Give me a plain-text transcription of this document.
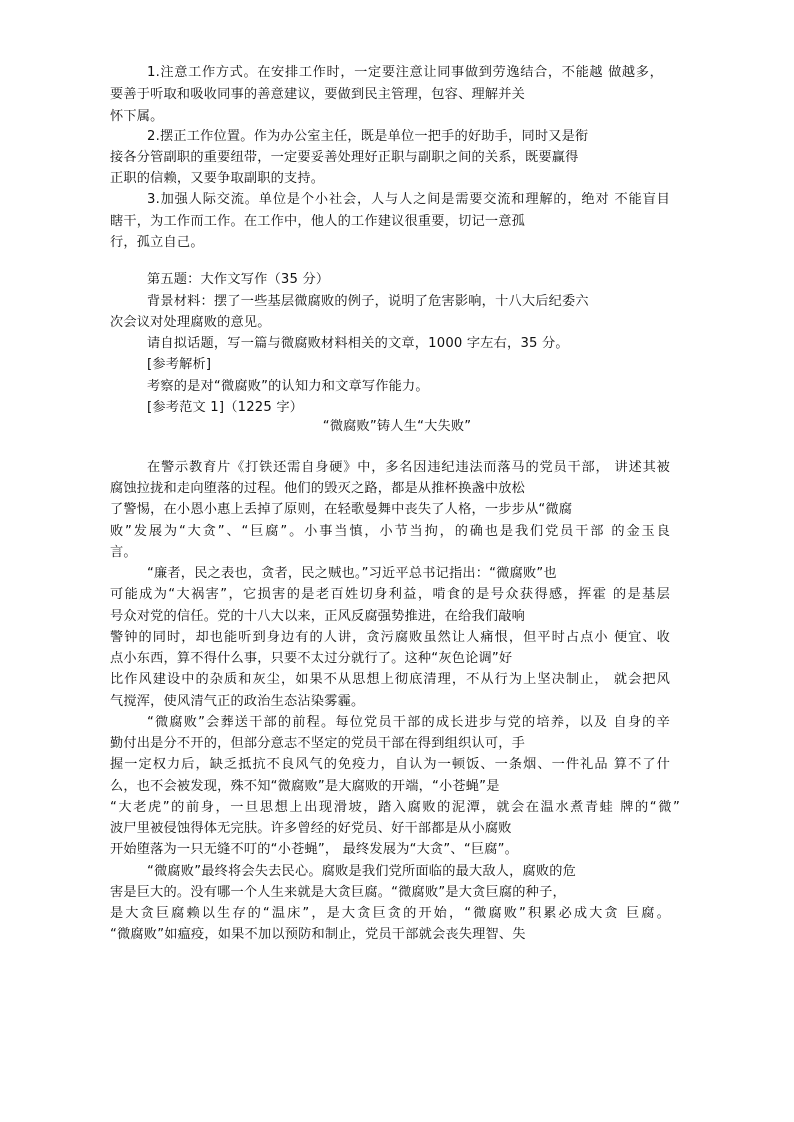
1.注意工作方式。在安排工作时，一定要注意让同事做到劳逸结合，不能越 做越多，
要善于听取和吸收同事的善意建议，要做到民主管理，包容、理解并关
怀下属。
2.摆正工作位置。作为办公室主任，既是单位一把手的好助手，同时又是衔
接各分管副职的重要纽带，一定要妥善处理好正职与副职之间的关系，既要赢得
正职的信赖，又要争取副职的支持。
3.加强人际交流。单位是个小社会，人与人之间是需要交流和理解的，绝对 不能盲目
瞎干，为工作而工作。在工作中，他人的工作建议很重要，切记一意孤
行，孤立自己。
第五题：大作文写作（35 分）
背景材料：摆了一些基层微腐败的例子，说明了危害影响，十八大后纪委六
次会议对处理腐败的意见。
请自拟话题，写一篇与微腐败材料相关的文章，1000 字左右，35 分。
[参考解析]
考察的是对“微腐败”的认知力和文章写作能力。
[参考范文 1]（1225 字）
“微腐败”铸人生“大失败”
在警示教育片《打铁还需自身硬》中，多名因违纪违法而落马的党员干部， 讲述其被
腐蚀拉拢和走向堕落的过程。他们的毁灭之路，都是从推杯换盏中放松
了警惕，在小恩小惠上丢掉了原则，在轻歌曼舞中丧失了人格，一步步从“微腐
败”发展为“大贪”、“巨腐”。小事当慎，小节当拘，的确也是我们党员干部 的金玉良
言。
“廉者，民之表也，贪者，民之贼也。”习近平总书记指出：“微腐败”也
可能成为“大祸害”，它损害的是老百姓切身利益，啃食的是号众获得感，挥霍 的是基层
号众对党的信任。党的十八大以来，正风反腐强势推进，在给我们敲响
警钟的同时，却也能听到身边有的人讲，贪污腐败虽然让人痛恨，但平时占点小 便宜、收
点小东西，算不得什么事，只要不太过分就行了。这种“灰色论调”好
比作风建设中的杂质和灰尘，如果不从思想上彻底清理，不从行为上坚决制止， 就会把风
气搅浑，使风清气正的政治生态沾染雾霾。
“微腐败”会葬送干部的前程。每位党员干部的成长进步与党的培养，以及 自身的辛
勤付出是分不开的，但部分意志不坚定的党员干部在得到组织认可，手
握一定权力后，缺乏抵抗不良风气的免疫力，自认为一顿饭、一条烟、一件礼品 算不了什
么，也不会被发现，殊不知“微腐败”是大腐败的开端，“小苍蝇”是
“大老虎”的前身，一旦思想上出现滑坡，踏入腐败的泥潭，就会在温水煮青蛙 牌的“微”
波尸里被侵蚀得体无完肤。许多曾经的好党员、好干部都是从小腐败
开始堕落为一只无缝不叮的“小苍蝇”， 最终发展为“大贪”、“巨腐”。
“微腐败”最终将会失去民心。腐败是我们党所面临的最大敌人，腐败的危
害是巨大的。没有哪一个人生来就是大贪巨腐。“微腐败”是大贪巨腐的种子，
是大贪巨腐赖以生存的“温床”，是大贪巨贪的开始，“微腐败”积累必成大贪 巨腐。
“微腐败”如瘟疫，如果不加以预防和制止，党员干部就会丧失理智、失
